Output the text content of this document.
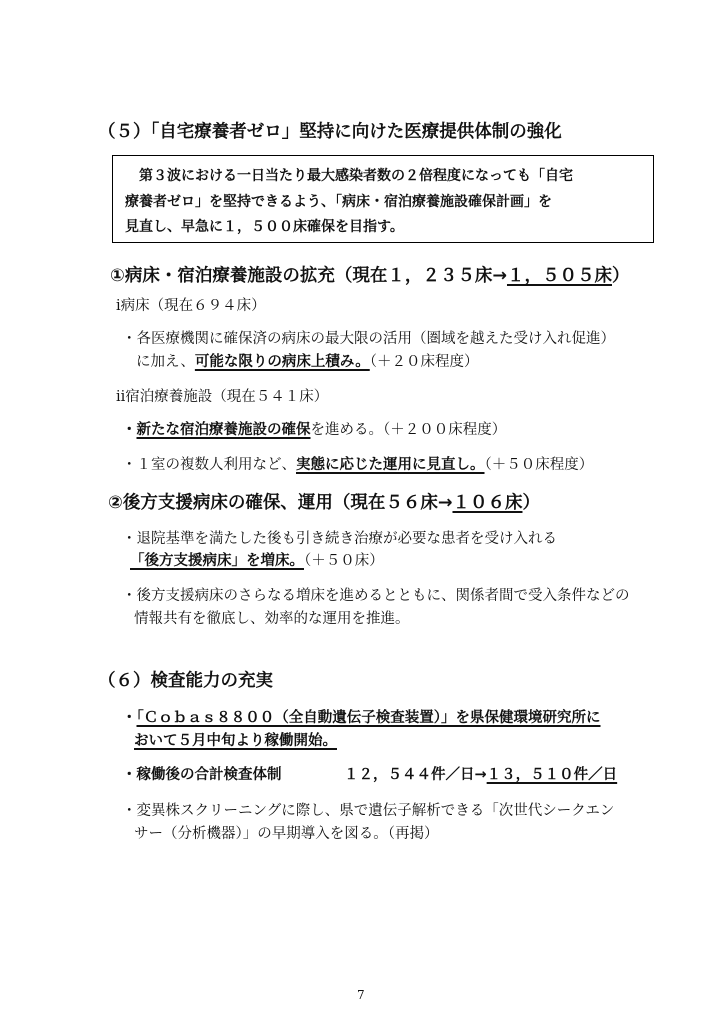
（５）「自宅療養者ゼロ」堅持に向けた医療提供体制の強化
　第３波における一日当たり最大感染者数の２倍程度になっても「自宅
療養者ゼロ」を堅持できるよう、「病床・宿泊療養施設確保計画」を
見直し、早急に１，５００床確保を目指す。
①病床・宿泊療養施設の拡充（現在１，２３５床→１，５０５床）
ⅰ病床（現在６９４床）
・各医療機関に確保済の病床の最大限の活用（圏域を越えた受け入れ促進）
に加え、可能な限りの病床上積み。（＋２０床程度）
ⅱ宿泊療養施設（現在５４１床）
・新たな宿泊療養施設の確保を進める。（＋２００床程度）
・１室の複数人利用など、実態に応じた運用に見直し。（＋５０床程度）
②後方支援病床の確保、運用（現在５６床→１０６床）
・退院基準を満たした後も引き続き治療が必要な患者を受け入れる
「後方支援病床」を増床。（＋５０床）
・後方支援病床のさらなる増床を進めるとともに、関係者間で受入条件などの
情報共有を徹底し、効率的な運用を推進。
（６）検査能力の充実
・「Ｃｏｂａｓ８８００（全自動遺伝子検査装置）」を県保健環境研究所に
おいて５月中旬より稼働開始。
・稼働後の合計検査体制	１２，５４４件／日→１３，５１０件／日
・変異株スクリーニングに際し、県で遺伝子解析できる「次世代シークエン
サー（分析機器）」の早期導入を図る。（再掲）
7
